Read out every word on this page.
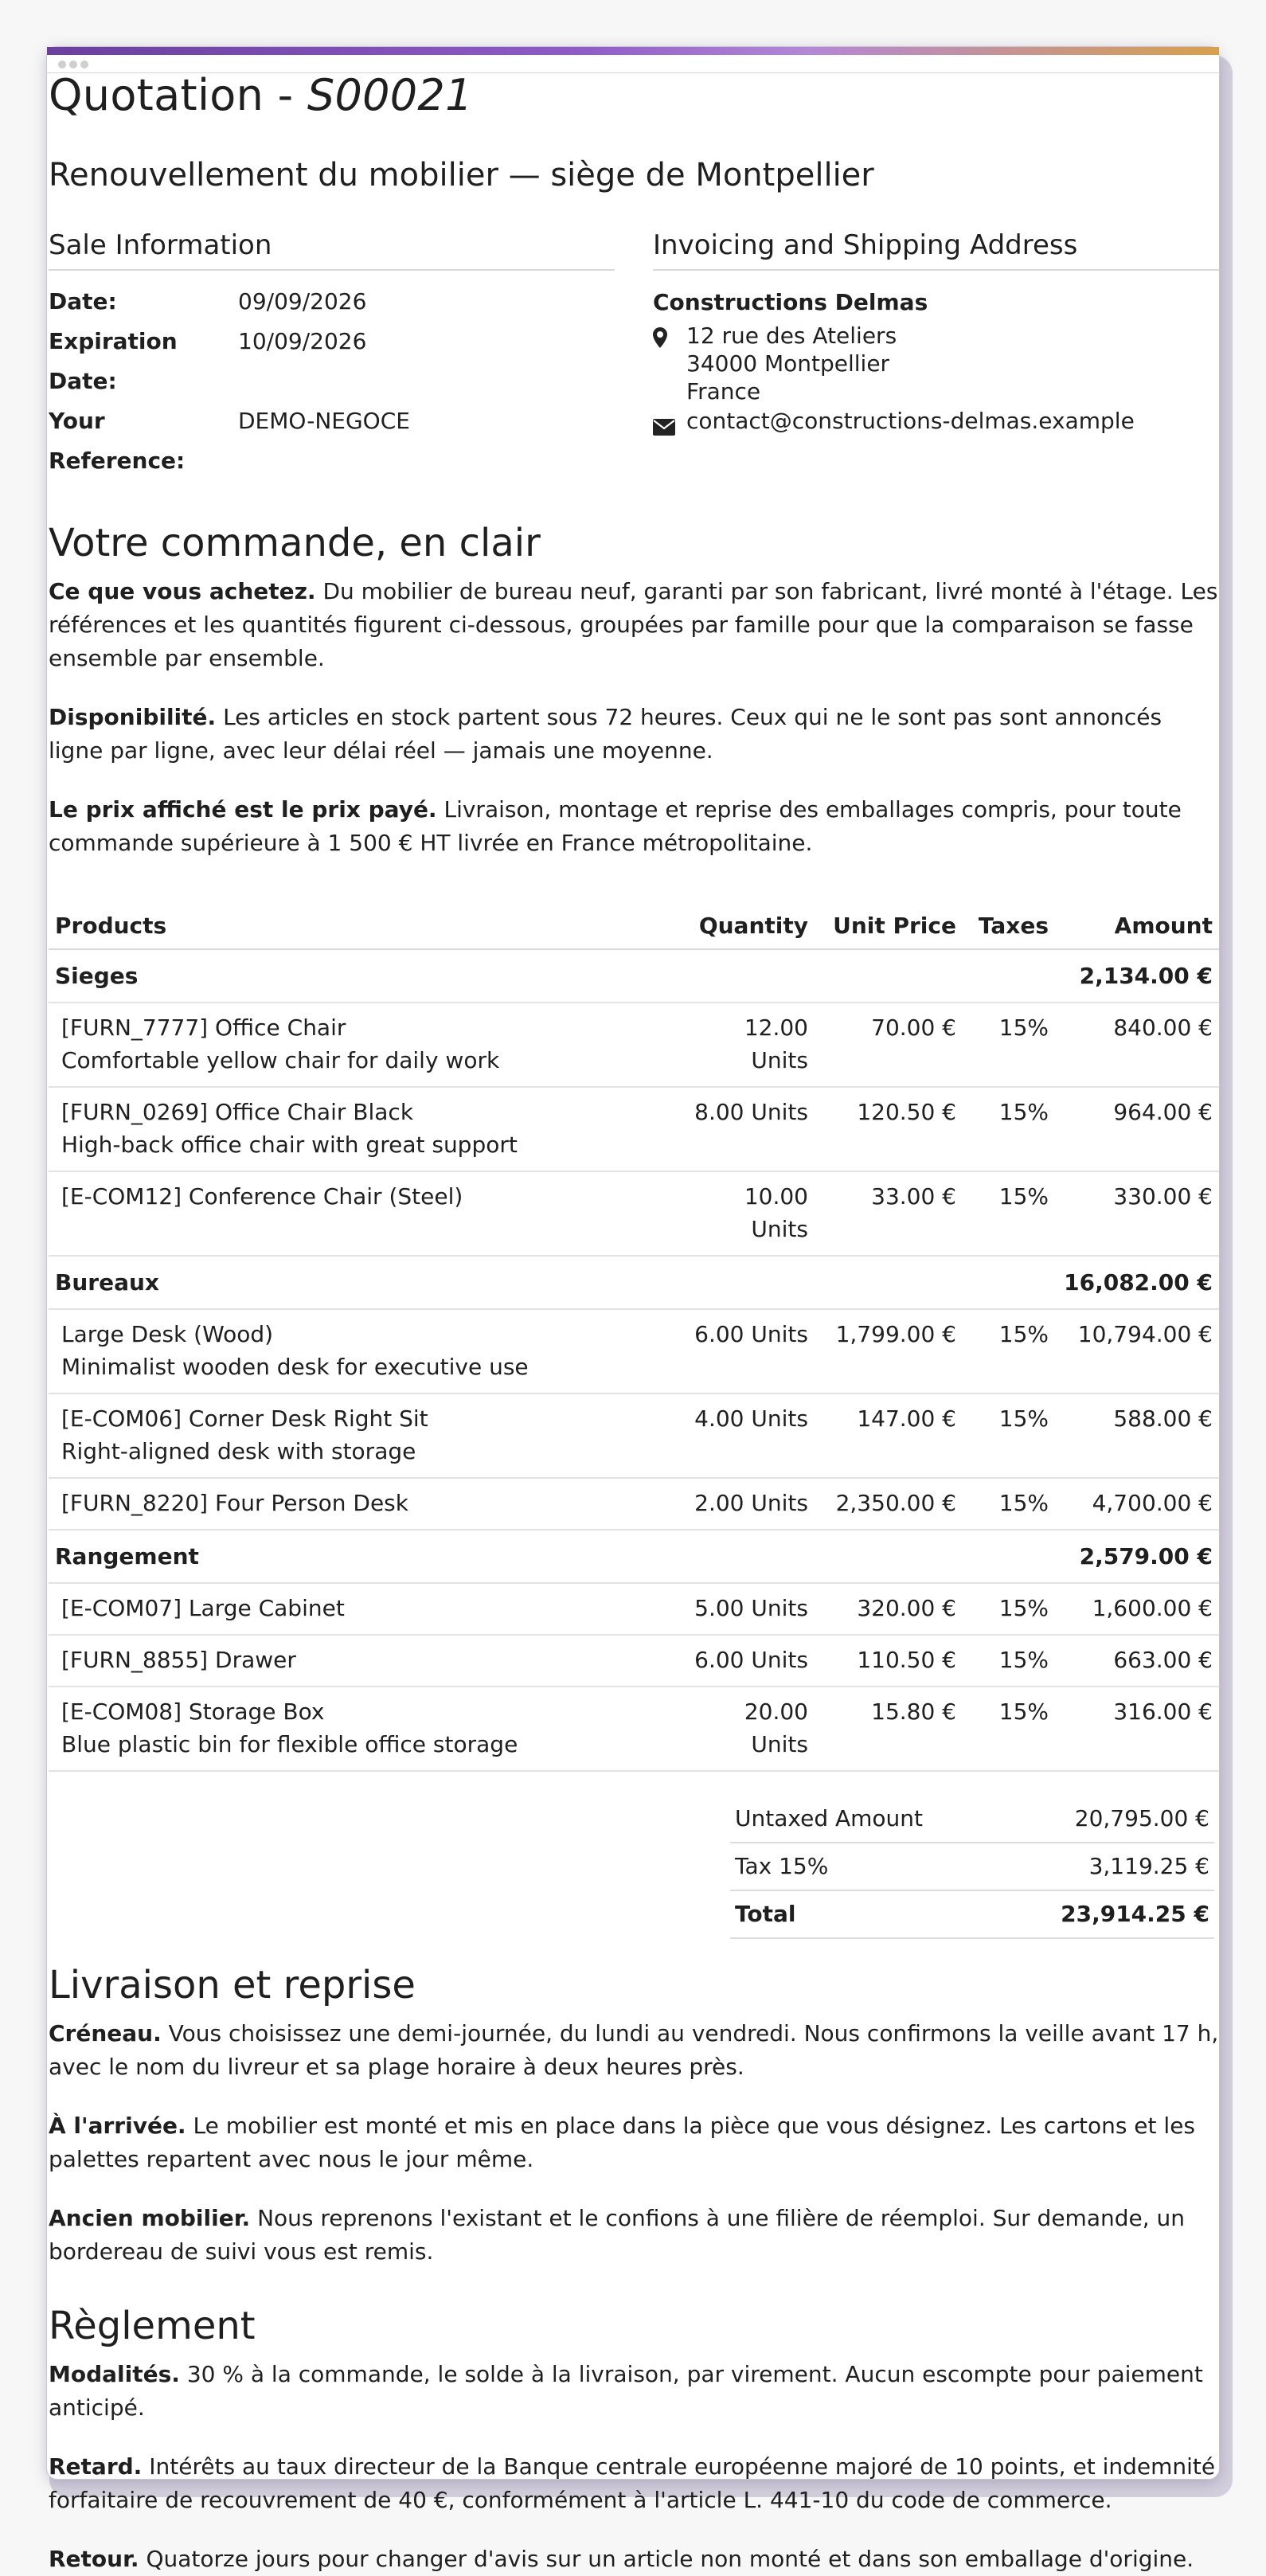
Quotation - S00021
Renouvellement du mobilier — siège de Montpellier
Sale Information
Date:	09/09/2026
Expiration Date:
10/09/2026
Your Reference:
DEMO-NEGOCE
Invoicing and Shipping Address
Constructions Delmas
12 rue des Ateliers
34000 Montpellier
France
contact@constructions-delmas.example
Votre commande, en clair

Ce que vous achetez. Du mobilier de bureau neuf, garanti par son fabricant, livré monté à l'étage. Les références et les quantités figurent ci-dessous, groupées par famille pour que la comparaison se fasse ensemble par ensemble.

Disponibilité. Les articles en stock partent sous 72 heures. Ceux qui ne le sont pas sont annoncés ligne par ligne, avec leur délai réel — jamais une moyenne.

Le prix affiché est le prix payé. Livraison, montage et reprise des emballages compris, pour toute commande supérieure à 1 500 € HT livrée en France métropolitaine.

Products	Quantity	Unit Price	Taxes	Amount
Sieges				2,134.00 €

[FURN_7777] Office Chair
Comfortable yellow chair for daily work	12.00 Units	70.00 €	15%	840.00 €

[FURN_0269] Office Chair Black
High-back office chair with great support	8.00 Units	120.50 €	15%	964.00 €

[E-COM12] Conference Chair (Steel)	10.00 Units	33.00 €	15%	330.00 €
Bureaux				16,082.00 €

Large Desk (Wood)
Minimalist wooden desk for executive use	6.00 Units	1,799.00 €	15%	10,794.00 €

[E-COM06] Corner Desk Right Sit
Right-aligned desk with storage	4.00 Units	147.00 €	15%	588.00 €

[FURN_8220] Four Person Desk	2.00 Units	2,350.00 €	15%	4,700.00 €
Rangement				2,579.00 €

[E-COM07] Large Cabinet	5.00 Units	320.00 €	15%	1,600.00 €

[FURN_8855] Drawer	6.00 Units	110.50 €	15%	663.00 €

[E-COM08] Storage Box
Blue plastic bin for flexible office storage	20.00 Units	15.80 €	15%	316.00 €
Untaxed Amount	20,795.00 €
Tax 15%	3,119.25 €
Total	23,914.25 €
Livraison et reprise

Créneau. Vous choisissez une demi-journée, du lundi au vendredi. Nous confirmons la veille avant 17 h, avec le nom du livreur et sa plage horaire à deux heures près.

À l'arrivée. Le mobilier est monté et mis en place dans la pièce que vous désignez. Les cartons et les palettes repartent avec nous le jour même.

Ancien mobilier. Nous reprenons l'existant et le confions à une filière de réemploi. Sur demande, un bordereau de suivi vous est remis.

Règlement

Modalités. 30 % à la commande, le solde à la livraison, par virement. Aucun escompte pour paiement anticipé.

Retard. Intérêts au taux directeur de la Banque centrale européenne majoré de 10 points, et indemnité forfaitaire de recouvrement de 40 €, conformément à l'article L. 441-10 du code de commerce.

Retour. Quatorze jours pour changer d'avis sur un article non monté et dans son emballage d'origine.
